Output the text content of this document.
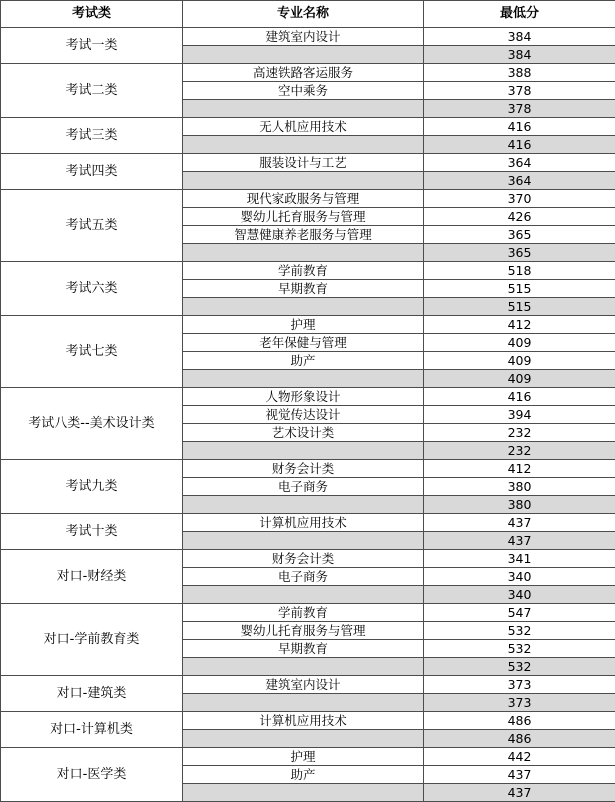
考试类	专业名称	最低分
考试一类	建筑室内设计	384
		384
考试二类	高速铁路客运服务	388
	空中乘务	378
		378
考试三类	无人机应用技术	416
		416
考试四类	服装设计与工艺	364
		364
考试五类	现代家政服务与管理	370
	婴幼儿托育服务与管理	426
	智慧健康养老服务与管理	365
		365
考试六类	学前教育	518
	早期教育	515
		515
考试七类	护理	412
	老年保健与管理	409
	助产	409
		409
考试八类--美术设计类	人物形象设计	416
	视觉传达设计	394
	艺术设计类	232
		232
考试九类	财务会计类	412
	电子商务	380
		380
考试十类	计算机应用技术	437
		437
对口-财经类	财务会计类	341
	电子商务	340
		340
对口-学前教育类	学前教育	547
	婴幼儿托育服务与管理	532
	早期教育	532
		532
对口-建筑类	建筑室内设计	373
		373
对口-计算机类	计算机应用技术	486
		486
对口-医学类	护理	442
	助产	437
		437
